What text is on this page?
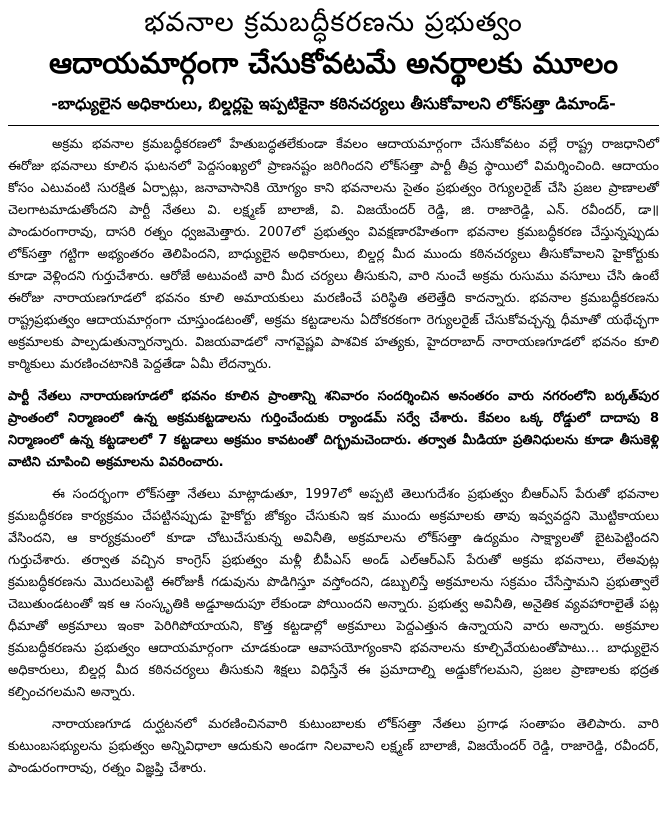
భవనాల క్రమబద్ధీకరణను ప్రభుత్వం
ఆదాయమార్గంగా చేసుకోవటమే అనర్థాలకు మూలం
-బాధ్యులైన అధికారులు, బిల్డర్లపై ఇప్పటికైనా కఠినచర్యలు తీసుకోవాలని లోక్‌సత్తా డిమాండ్-

అక్రమ భవనాల క్రమబద్ధీకరణలో హేతుబద్ధతలేకుండా కేవలం ఆదాయమార్గంగా చేసుకోవటం వల్లే రాష్ట్ర రాజధానిలో ఈరోజు భవనాలు కూలిన ఘటనలో పెద్దసంఖ్యలో ప్రాణనష్టం జరిగిందని లోక్‌సత్తా పార్టీ తీవ్ర స్థాయిలో విమర్శించింది. ఆదాయం కోసం ఎటువంటి సురక్షిత ఏర్పాట్లు, జనావాసానికి యోగ్యం కాని భవనాలను సైతం ప్రభుత్వం రెగ్యులరైజ్ చేసి ప్రజల ప్రాణాలతో చెలగాటమాడుతోందని పార్టీ నేతలు వి. లక్ష్మణ్ బాలాజీ, వి. విజయేందర్ రెడ్డి, జి. రాజారెడ్డి, ఎన్. రవీందర్, డా॥ పాండురంగారావు, దాసరి రత్నం ధ్వజమెత్తారు. 2007లో ప్రభుత్వం వివక్షణారహితంగా భవనాల క్రమబద్ధీకరణ చేస్తున్నప్పుడు లోక్‌సత్తా గట్టిగా అభ్యంతరం తెలిపిందని, బాధ్యులైన అధికారులు, బిల్డర్ల మీద ముందు కఠినచర్యలు తీసుకోవాలని హైకోర్టుకు కూడా వెళ్లిందని గుర్తుచేశారు. ఆరోజే అటువంటి వారి మీద చర్యలు తీసుకుని, వారి నుంచే అక్రమ రుసుము వసూలు చేసి ఉంటే ఈరోజు నారాయణగూడలో భవనం కూలి అమాయకులు మరణించే పరిస్థితి తలెత్తేది కాదన్నారు. భవనాల క్రమబద్ధీకరణను రాష్ట్రప్రభుత్వం ఆదాయమార్గంగా చూస్తుండటంతో, అక్రమ కట్టడాలను ఏదోకరకంగా రెగ్యులరైజ్ చేసుకోవచ్చన్న ధీమాతో యథేచ్ఛగా అక్రమాలకు పాల్పడుతున్నారన్నారు. విజయవాడలో నాగవైష్ణవి పాశవిక హత్యకు, హైదరాబాద్ నారాయణగూడలో భవనం కూలి కార్మికులు మరణించటానికి పెద్దతేడా ఏమీ లేదన్నారు.

పార్టీ నేతలు నారాయణగూడలో భవనం కూలిన ప్రాంతాన్ని శనివారం సందర్శించిన అనంతరం వారు నగరంలోని బర్కత్‌పుర ప్రాంతంలో నిర్మాణంలో ఉన్న అక్రమకట్టడాలను గుర్తించేందుకు ర్యాండమ్ సర్వే చేశారు. కేవలం ఒక్క రోడ్డులో దాదాపు 8 నిర్మాణంలో ఉన్న కట్టడాలలో 7 కట్టడాలు అక్రమం కావటంతో దిగ్భ్రమచెందారు. తర్వాత మీడియా ప్రతినిధులను కూడా తీసుకెళ్లి వాటిని చూపించి అక్రమాలను వివరించారు.

ఈ సందర్భంగా లోక్‌సత్తా నేతలు మాట్లాడుతూ, 1997లో అప్పటి తెలుగుదేశం ప్రభుత్వం బీఆర్ఎస్ పేరుతో భవనాల క్రమబద్ధీకరణ కార్యక్రమం చేపట్టినప్పుడు హైకోర్టు జోక్యం చేసుకుని ఇక ముందు అక్రమాలకు తావు ఇవ్వవద్దని మొట్టికాయలు వేసిందని, ఆ కార్యక్రమంలో కూడా చోటుచేసుకున్న అవినీతి, అక్రమాలను లోక్‌సత్తా ఉద్యమం సాక్ష్యాలతో బైటపెట్టిందని గుర్తుచేశారు. తర్వాత వచ్చిన కాంగ్రెస్ ప్రభుత్వం మళ్లీ బీపీఎస్ అండ్ ఎల్ఆర్ఎస్ పేరుతో అక్రమ భవనాలు, లేఅవుట్ల క్రమబద్ధీకరణను మొదలుపెట్టి ఈరోజుకీ గడువును పొడిగిస్తూ వస్తోందని, డబ్బులిస్తే అక్రమాలను సక్రమం చేసేస్తామని ప్రభుత్వాలే చెబుతుండటంతో ఇక ఆ సంస్కృతికి అడ్డూఅదుపూ లేకుండా పోయిందని అన్నారు. ప్రభుత్వ అవినీతి, అనైతిక వ్యవహారాలైతే పట్ల ధీమాతో అక్రమాలు ఇంకా పెరిగిపోయాయని, కొత్త కట్టడాల్లో అక్రమాలు పెద్దఎత్తున ఉన్నాయని వారు అన్నారు. అక్రమాల క్రమబద్ధీకరణను ప్రభుత్వం ఆదాయమార్గంగా చూడకుండా ఆవాసయోగ్యంకాని భవనాలను కూల్చివేయటంతోపాటు… బాధ్యులైన అధికారులు, బిల్డర్ల మీద కఠినచర్యలు తీసుకుని శిక్షలు విధిస్తేనే ఈ ప్రమాదాల్ని అడ్డుకోగలమని, ప్రజల ప్రాణాలకు భద్రత కల్పించగలమని అన్నారు.

నారాయణగూడ దుర్ఘటనలో మరణించినవారి కుటుంబాలకు లోక్‌సత్తా నేతలు ప్రగాఢ సంతాపం తెలిపారు. వారి కుటుంబసభ్యులను ప్రభుత్వం అన్నివిధాలా ఆదుకుని అండగా నిలవాలని లక్ష్మణ్ బాలాజీ, విజయేందర్ రెడ్డి, రాజారెడ్డి, రవీందర్, పాండురంగారావు, రత్నం విజ్ఞప్తి చేశారు.
